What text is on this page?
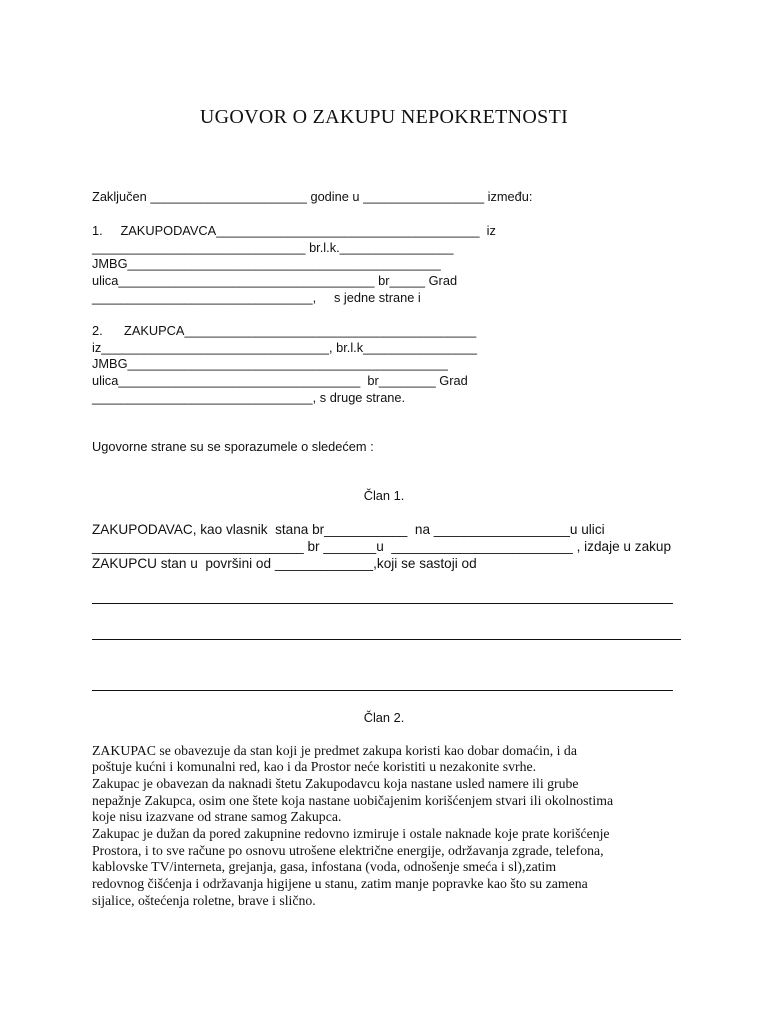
UGOVOR O ZAKUPU NEPOKRETNOSTI
Zaključen ______________________ godine u _________________ između:
1.     ZAKUPODAVCA_____________________________________  iz
______________________________ br.l.k.________________
JMBG____________________________________________
ulica____________________________________ br_____ Grad
_______________________________,     s jedne strane i
2.      ZAKUPCA_________________________________________
iz________________________________, br.l.k________________
JMBG_____________________________________________
ulica__________________________________  br________ Grad
_______________________________, s druge strane.
Ugovorne strane su se sporazumele o sledećem :
Član 1.
ZAKUPODAVAC, kao vlasnik  stana br___________  na __________________u ulici
____________________________ br _______u  ________________________ , izdaje u zakup
ZAKUPCU stan u  površini od _____________,koji se sastoji od
Član 2.
ZAKUPAC se obavezuje da stan koji je predmet zakupa koristi kao dobar domaćin, i da
poštuje kućni i komunalni red, kao i da Prostor neće koristiti u nezakonite svrhe.
Zakupac je obavezan da naknadi štetu Zakupodavcu koja nastane usled namere ili grube
nepažnje Zakupca, osim one štete koja nastane uobičajenim korišćenjem stvari ili okolnostima
koje nisu izazvane od strane samog Zakupca.
Zakupac je dužan da pored zakupnine redovno izmiruje i ostale naknade koje prate korišćenje
Prostora, i to sve račune po osnovu utrošene električne energije, održavanja zgrade, telefona,
kablovske TV/interneta, grejanja, gasa, infostana (voda, odnošenje smeća i sl),zatim
redovnog čišćenja i održavanja higijene u stanu, zatim manje popravke kao što su zamena
sijalice, oštećenja roletne, brave i slično.
